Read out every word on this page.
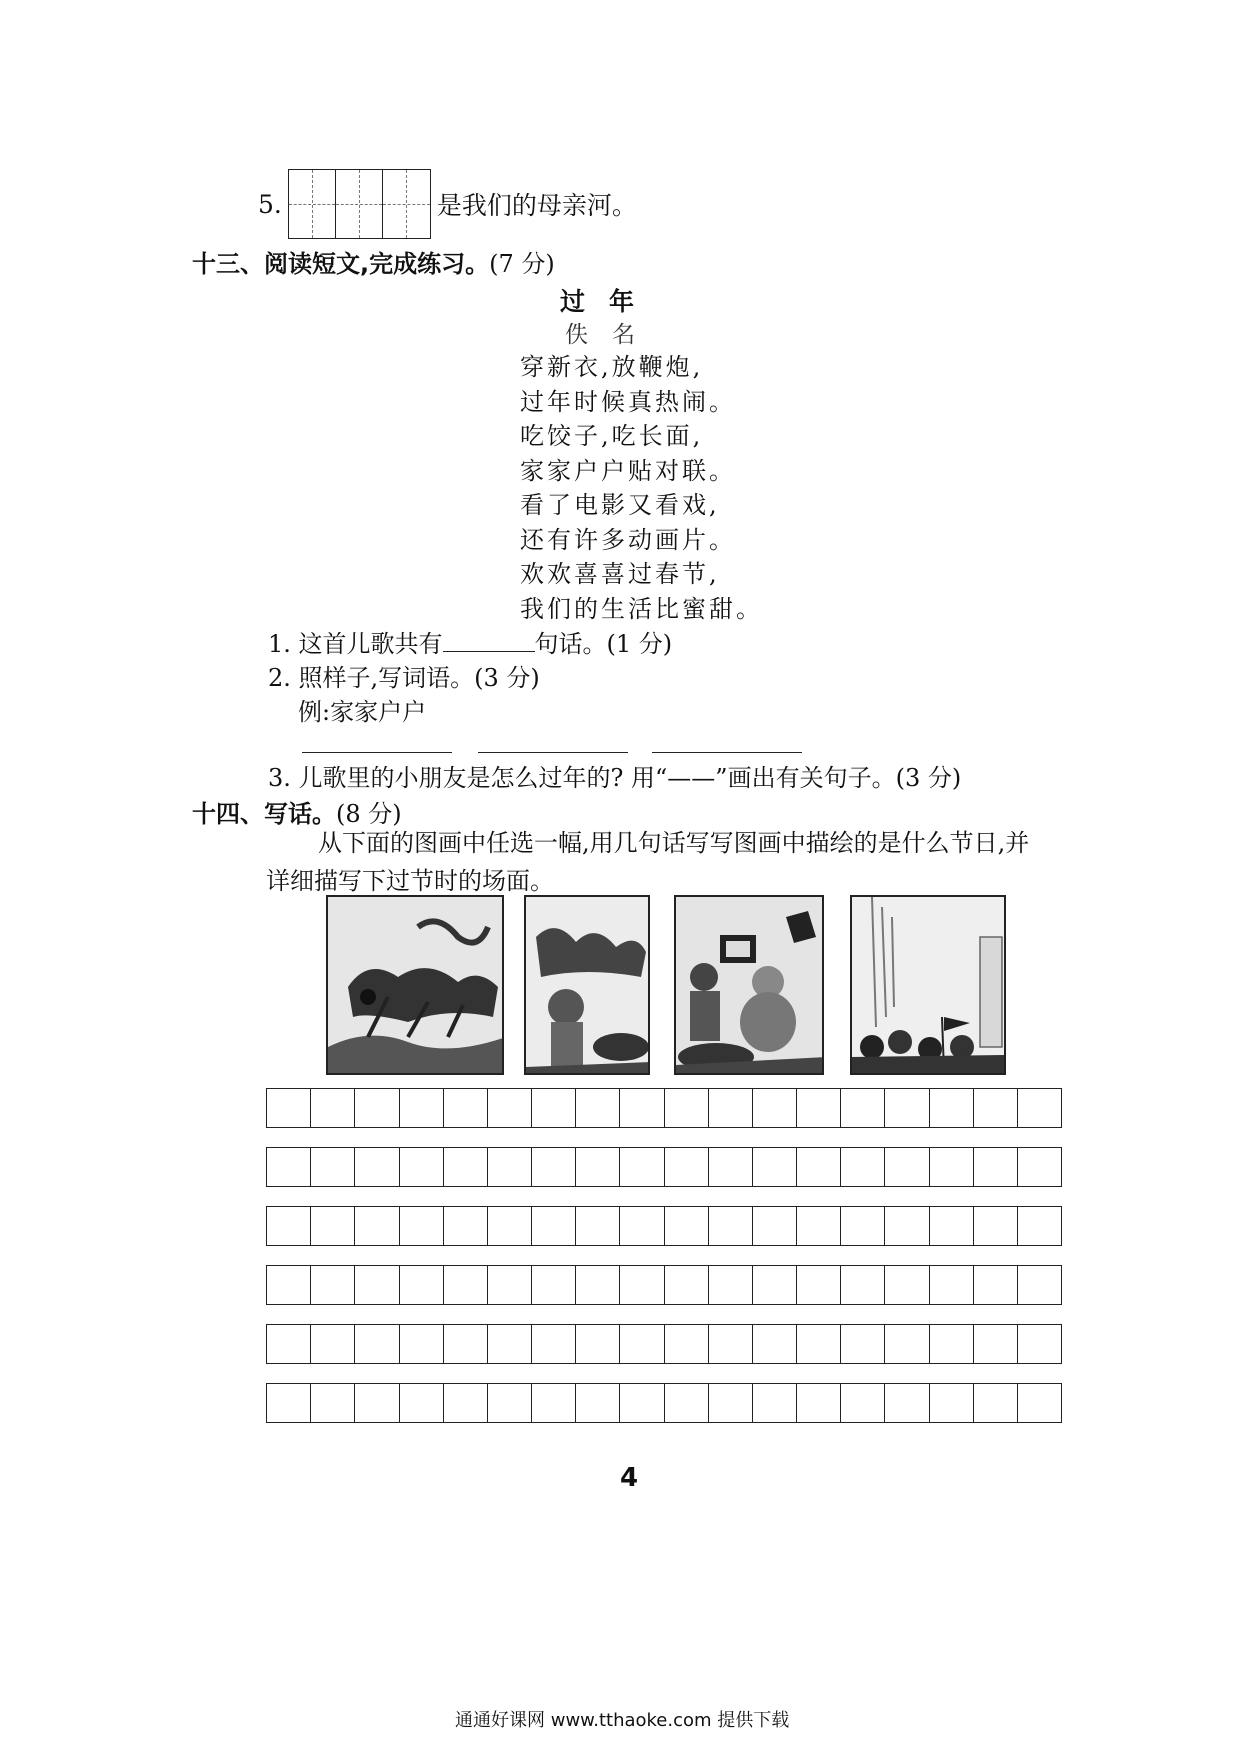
5.	是我们的母亲河。
十三、阅读短文,完成练习。(7 分)
过年
佚名
穿新衣,放鞭炮,
过年时候真热闹。
吃饺子,吃长面,
家家户户贴对联。
看了电影又看戏,
还有许多动画片。
欢欢喜喜过春节,
我们的生活比蜜甜。
1. 这首儿歌共有	句话。(1 分)
2. 照样子,写词语。(3 分)
例:家家户户
3. 儿歌里的小朋友是怎么过年的? 用“——”画出有关句子。(3 分)
十四、写话。(8 分)
从下面的图画中任选一幅,用几句话写写图画中描绘的是什么节日,并
详细描写下过节时的场面。
4
通通好课网 www.tthaoke.com 提供下载
